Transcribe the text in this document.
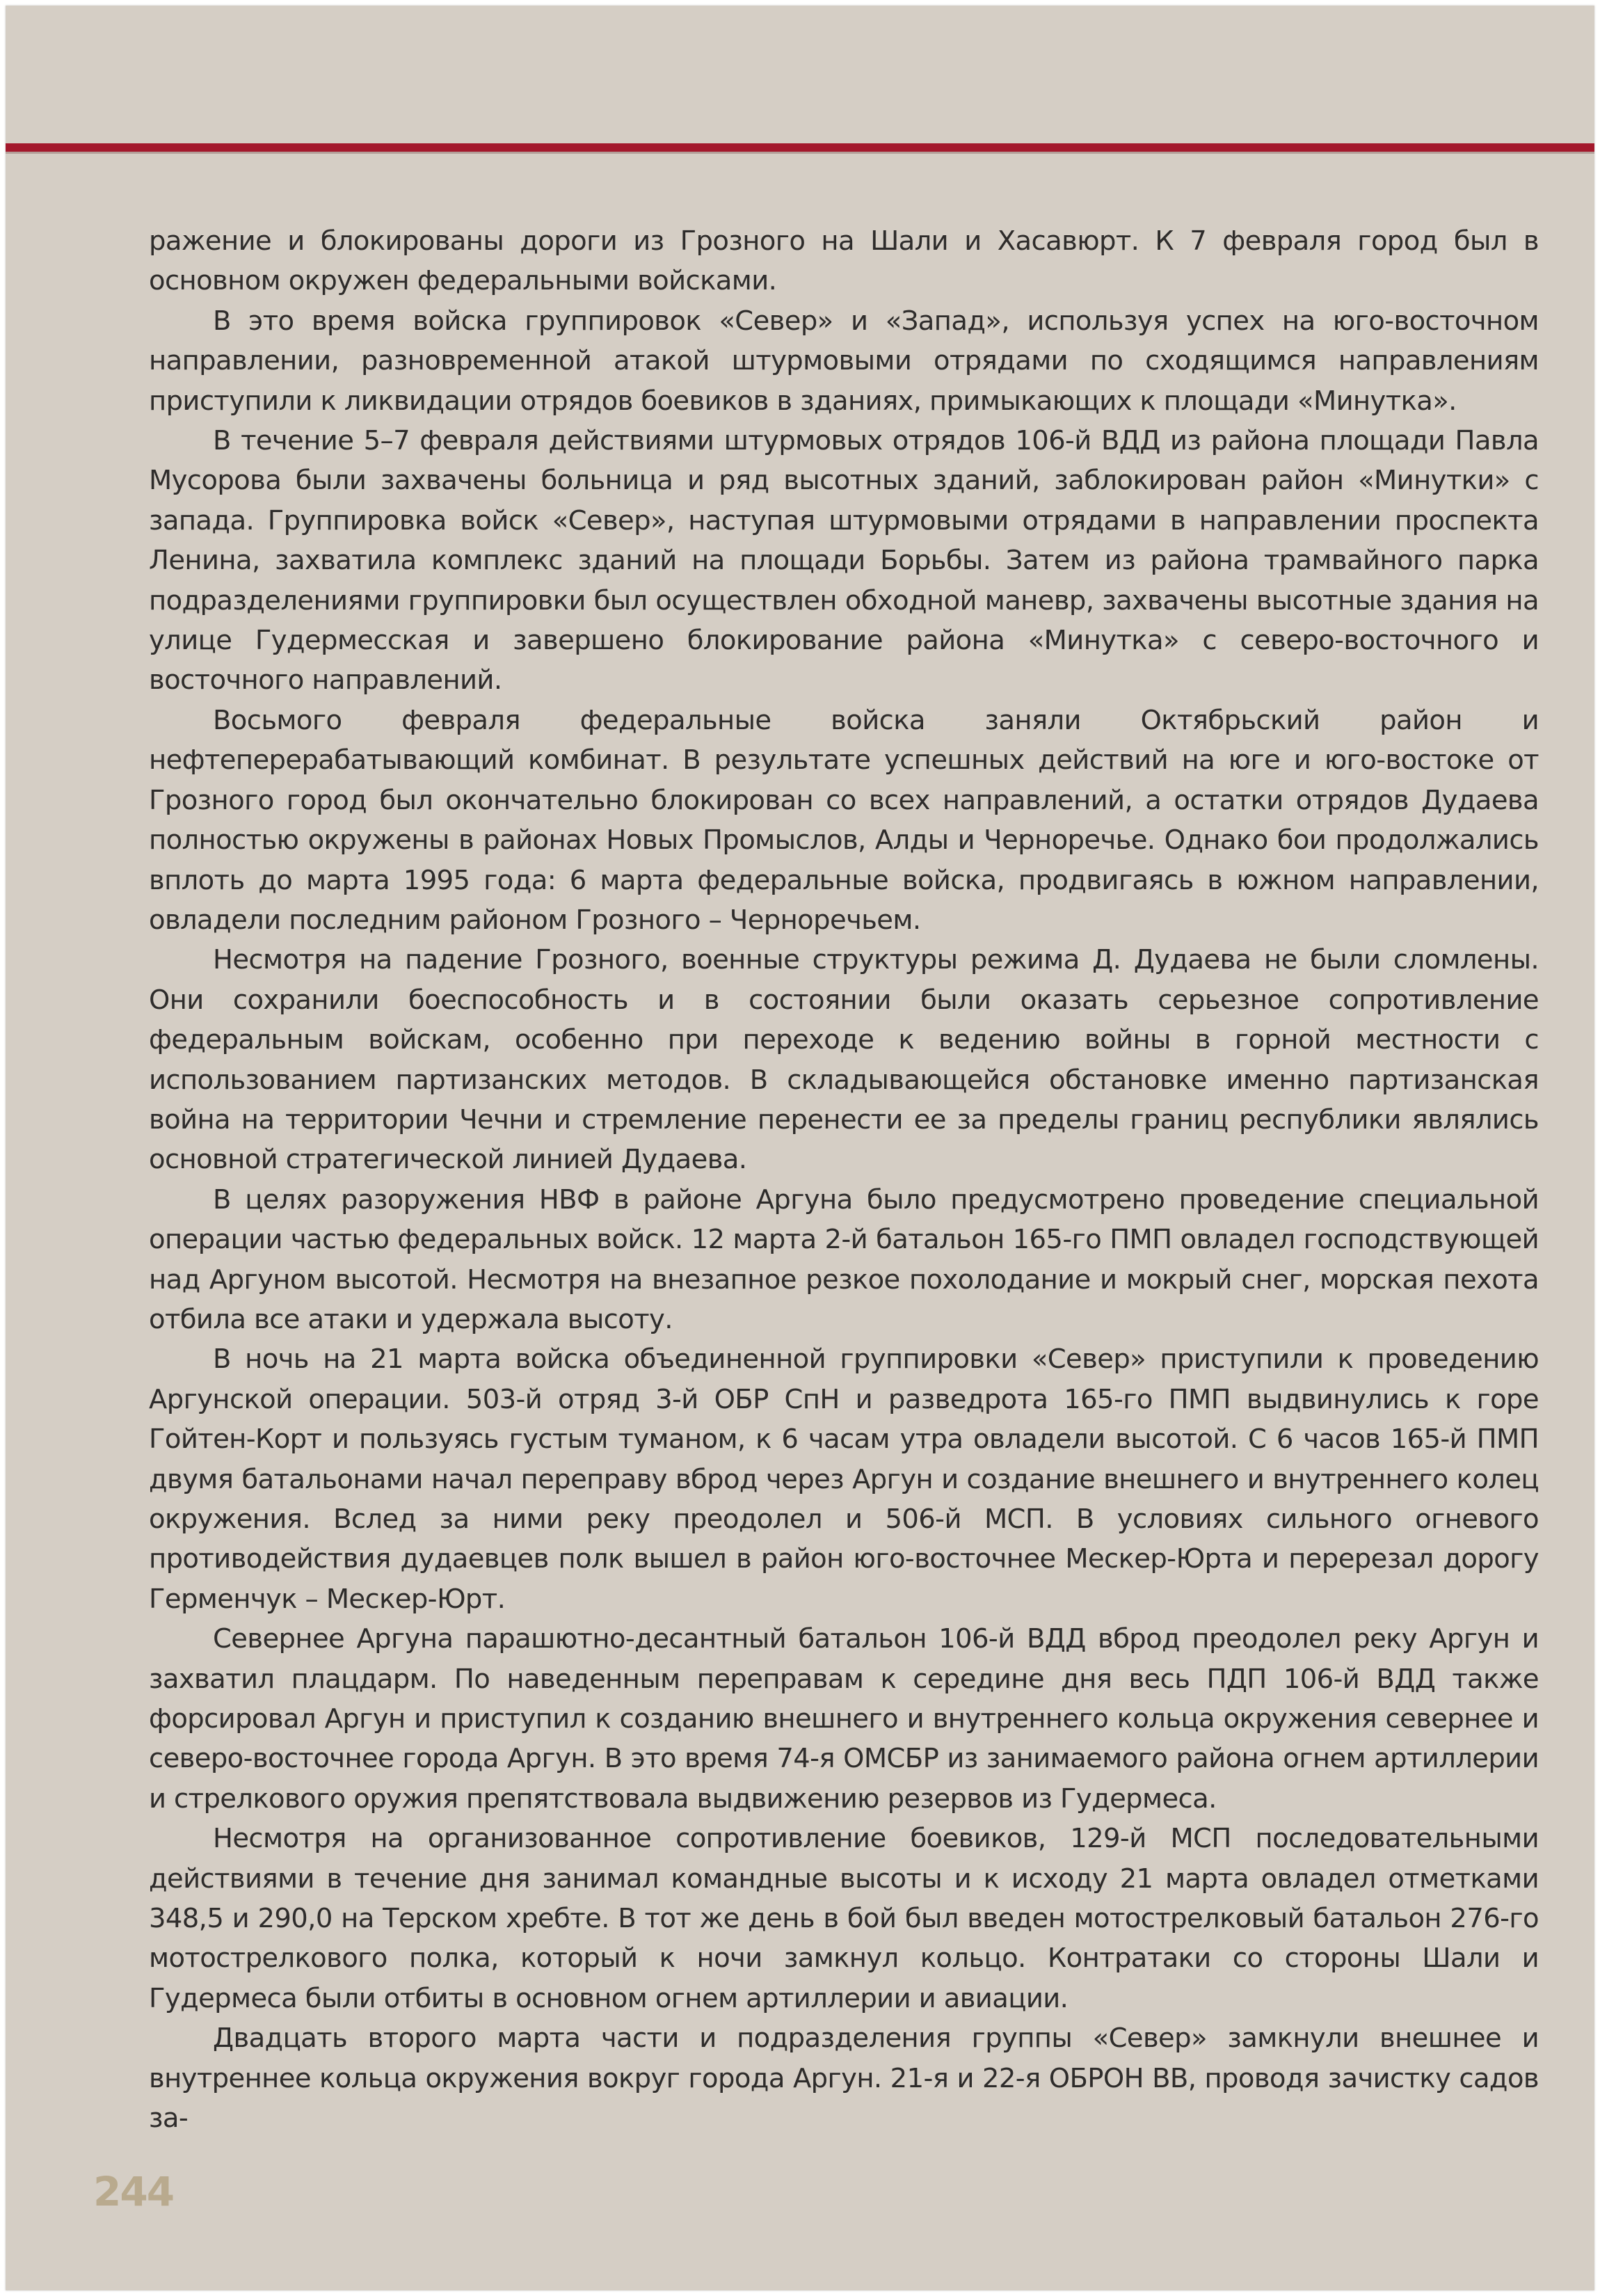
ражение и блокированы дороги из Грозного на Шали и Хасавюрт. К 7 февраля город был в основном окружен федеральными войсками.

В это время войска группировок «Север» и «Запад», используя успех на юго-восточном направлении, разновременной атакой штурмовыми отрядами по сходящимся направлениям приступили к ликвидации отрядов боевиков в зданиях, примыкающих к площади «Минутка».

В течение 5–7 февраля действиями штурмовых отрядов 106-й ВДД из района площади Павла Мусорова были захвачены больница и ряд высотных зданий, заблокирован район «Минутки» с запада. Группировка войск «Север», наступая штурмовыми отрядами в направлении проспекта Ленина, захватила комплекс зданий на площади Борьбы. Затем из района трамвайного парка подразделениями группировки был осуществлен обходной маневр, захвачены высотные здания на улице Гудермесская и завершено блокирование района «Минутка» с северо-восточного и восточного направлений.

Восьмого февраля федеральные войска заняли Октябрьский район и нефтеперерабатывающий комбинат. В результате успешных действий на юге и юго-востоке от Грозного город был окончательно блокирован со всех направлений, а остатки отрядов Дудаева полностью окружены в районах Новых Промыслов, Алды и Черноречье. Однако бои продолжались вплоть до марта 1995 года: 6 марта федеральные войска, продвигаясь в южном направлении, овладели последним районом Грозного – Черноречьем.

Несмотря на падение Грозного, военные структуры режима Д. Дудаева не были сломлены. Они сохранили боеспособность и в состоянии были оказать серьезное сопротивление федеральным войскам, особенно при переходе к ведению войны в горной местности с использованием партизанских методов. В складывающейся обстановке именно партизанская война на территории Чечни и стремление перенести ее за пределы границ республики являлись основной стратегической линией Дудаева.

В целях разоружения НВФ в районе Аргуна было предусмотрено проведение специальной операции частью федеральных войск. 12 марта 2-й батальон 165-го ПМП овладел господствующей над Аргуном высотой. Несмотря на внезапное резкое похолодание и мокрый снег, морская пехота отбила все атаки и удержала высоту.

В ночь на 21 марта войска объединенной группировки «Север» приступили к проведению Аргунской операции. 503-й отряд 3-й ОБР СпН и разведрота 165-го ПМП выдвинулись к горе Гойтен-Корт и пользуясь густым туманом, к 6 часам утра овладели высотой. С 6 часов 165-й ПМП двумя батальонами начал переправу вброд через Аргун и создание внешнего и внутреннего колец окружения. Вслед за ними реку преодолел и 506-й МСП. В условиях сильного огневого противодействия дудаевцев полк вышел в район юго-восточнее Мескер-Юрта и перерезал дорогу Герменчук – Мескер-Юрт.

Севернее Аргуна парашютно-десантный батальон 106-й ВДД вброд преодолел реку Аргун и захватил плацдарм. По наведенным переправам к середине дня весь ПДП 106-й ВДД также форсировал Аргун и приступил к созданию внешнего и внутреннего кольца окружения севернее и северо-восточнее города Аргун. В это время 74-я ОМСБР из занимаемого района огнем артиллерии и стрелкового оружия препятствовала выдвижению резервов из Гудермеса.

Несмотря на организованное сопротивление боевиков, 129-й МСП последовательными действиями в течение дня занимал командные высоты и к исходу 21 марта овладел отметками 348,5 и 290,0 на Терском хребте. В тот же день в бой был введен мотострелковый батальон 276-го мотострелкового полка, который к ночи замкнул кольцо. Контратаки со стороны Шали и Гудермеса были отбиты в основном огнем артиллерии и авиации.

Двадцать второго марта части и подразделения группы «Север» замкнули внешнее и внутреннее кольца окружения вокруг города Аргун. 21-я и 22-я ОБРОН ВВ, проводя зачистку садов за-

244
